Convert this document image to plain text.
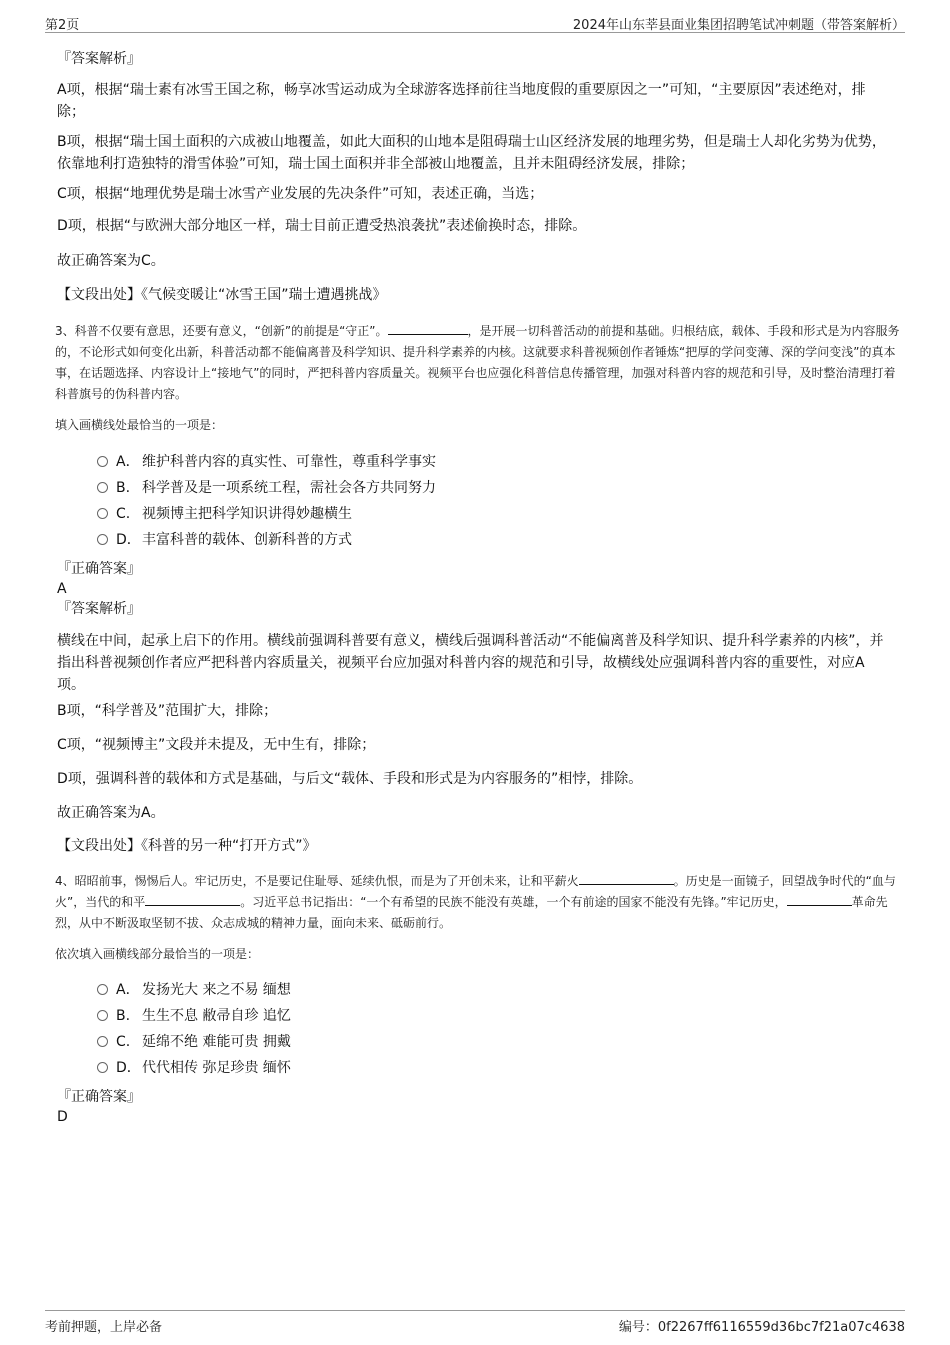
第2页	2024年山东莘县面业集团招聘笔试冲刺题（带答案解析）
『答案解析』
A项，根据“瑞士素有冰雪王国之称，畅享冰雪运动成为全球游客选择前往当地度假的重要原因之一”可知，“主要原因”表述绝对，排除；
B项，根据“瑞士国土面积的六成被山地覆盖，如此大面积的山地本是阻碍瑞士山区经济发展的地理劣势，但是瑞士人却化劣势为优势，依靠地利打造独特的滑雪体验”可知，瑞士国土面积并非全部被山地覆盖，且并未阻碍经济发展，排除；
C项，根据“地理优势是瑞士冰雪产业发展的先决条件”可知，表述正确，当选；
D项，根据“与欧洲大部分地区一样，瑞士目前正遭受热浪袭扰”表述偷换时态，排除。
故正确答案为C。
【文段出处】《气候变暖让“冰雪王国”瑞士遭遇挑战》
3、科普不仅要有意思，还要有意义，“创新”的前提是“守正”。	，是开展一切科普活动的前提和基础。归根结底，载体、手段和形式是为内容服务的，不论形式如何变化出新，科普活动都不能偏离普及科学知识、提升科学素养的内核。这就要求科普视频创作者锤炼“把厚的学问变薄、深的学问变浅”的真本事，在话题选择、内容设计上“接地气”的同时，严把科普内容质量关。视频平台也应强化科普信息传播管理，加强对科普内容的规范和引导，及时整治清理打着科普旗号的伪科普内容。
填入画横线处最恰当的一项是：
A． 维护科普内容的真实性、可靠性，尊重科学事实
B. 科学普及是一项系统工程，需社会各方共同努力
C. 视频博主把科学知识讲得妙趣横生
D．丰富科普的载体、创新科普的方式
『正确答案』
A
『答案解析』
横线在中间，起承上启下的作用。横线前强调科普要有意义，横线后强调科普活动“不能偏离普及科学知识、提升科学素养的内核”，并指出科普视频创作者应严把科普内容质量关，视频平台应加强对科普内容的规范和引导，故横线处应强调科普内容的重要性，对应A项。
B项，“科学普及”范围扩大，排除；
C项，“视频博主”文段并未提及，无中生有，排除；
D项，强调科普的载体和方式是基础，与后文“载体、手段和形式是为内容服务的”相悖，排除。
故正确答案为A。
【文段出处】《科普的另一种“打开方式”》
4、昭昭前事，惕惕后人。牢记历史，不是要记住耻辱、延续仇恨，而是为了开创未来，让和平薪火	。历史是一面镜子，回望战争时代的“血与火”，当代的和平	。习近平总书记指出：“一个有希望的民族不能没有英雄，一个有前途的国家不能没有先锋。”牢记历史，	革命先烈，从中不断汲取坚韧不拔、众志成城的精神力量，面向未来、砥砺前行。
依次填入画横线部分最恰当的一项是：
A． 发扬光大 来之不易 缅想
B. 生生不息 敝帚自珍 追忆
C. 延绵不绝 难能可贵 拥戴
D．代代相传 弥足珍贵 缅怀
『正确答案』
D
考前押题，上岸必备	编号：0f2267ff6116559d36bc7f21a07c4638
